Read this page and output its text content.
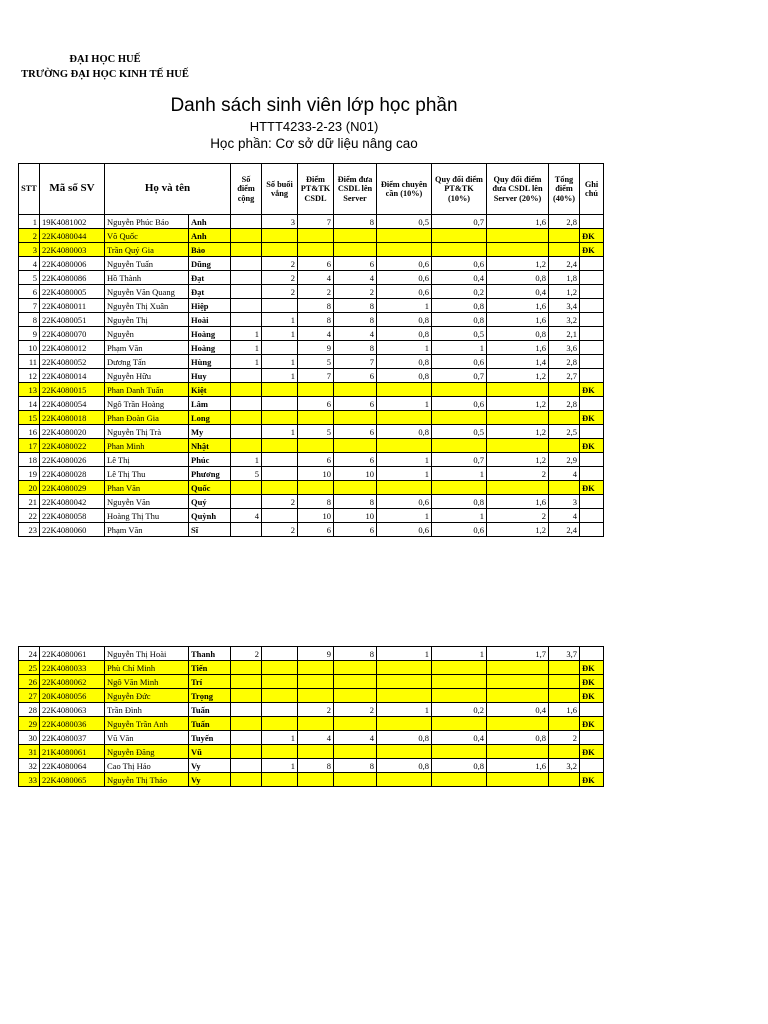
ĐẠI HỌC HUẾ
TRƯỜNG ĐẠI HỌC KINH TẾ HUẾ
Danh sách sinh viên lớp học phần
HTTT4233-2-23 (N01)
Học phần: Cơ sở dữ liệu nâng cao
STT	Mã số SV	Họ và tên		Số điểm cộng	Số buổi vắng	Điểm PT&TK CSDL	Điểm đưa CSDL lên Server	Điểm chuyên cần (10%)	Quy đổi điểm PT&TK (10%)	Quy đổi điểm đưa CSDL lên Server (20%)	Tổng điểm (40%)	Ghi chú
1	19K4081002	Nguyễn Phúc Bảo	Anh		3	7	8	0,5	0,7	1,6	2,8	
2	22K4080044	Võ Quốc	Anh									ĐK
3	22K4080003	Trần Quý Gia	Bảo									ĐK
4	22K4080006	Nguyễn Tuấn	Dũng		2	6	6	0,6	0,6	1,2	2,4	
5	22K4080086	Hồ Thành	Đạt		2	4	4	0,6	0,4	0,8	1,8	
6	22K4080005	Nguyễn Văn Quang	Đạt		2	2	2	0,6	0,2	0,4	1,2	
7	22K4080011	Nguyễn Thị Xuân	Hiệp			8	8	1	0,8	1,6	3,4	
8	22K4080051	Nguyễn Thị	Hoài		1	8	8	0,8	0,8	1,6	3,2	
9	22K4080070	Nguyễn	Hoàng	1	1	4	4	0,8	0,5	0,8	2,1	
10	22K4080012	Phạm Văn	Hoàng	1		9	8	1	1	1,6	3,6	
11	22K4080052	Dương Tấn	Hùng	1	1	5	7	0,8	0,6	1,4	2,8	
12	22K4080014	Nguyễn Hữu	Huy		1	7	6	0,8	0,7	1,2	2,7	
13	22K4080015	Phan Danh Tuấn	Kiệt									ĐK
14	22K4080054	Ngô Trần Hoàng	Lâm			6	6	1	0,6	1,2	2,8	
15	22K4080018	Phan Đoàn Gia	Long									ĐK
16	22K4080020	Nguyễn Thị Trà	My		1	5	6	0,8	0,5	1,2	2,5	
17	22K4080022	Phan Minh	Nhật									ĐK
18	22K4080026	Lê Thị	Phúc	1		6	6	1	0,7	1,2	2,9	
19	22K4080028	Lê Thị Thu	Phương	5		10	10	1	1	2	4	
20	22K4080029	Phan Văn	Quốc									ĐK
21	22K4080042	Nguyễn Văn	Quý		2	8	8	0,6	0,8	1,6	3	
22	22K4080058	Hoàng Thị Thu	Quỳnh	4		10	10	1	1	2	4	
23	22K4080060	Phạm Văn	Sĩ		2	6	6	0,6	0,6	1,2	2,4	
24	22K4080061	Nguyễn Thị Hoài	Thanh	2		9	8	1	1	1,7	3,7	
25	22K4080033	Phù Chí Minh	Tiến									ĐK
26	22K4080062	Ngô Văn Minh	Trí									ĐK
27	20K4080056	Nguyễn Đức	Trọng									ĐK
28	22K4080063	Trần Đình	Tuấn			2	2	1	0,2	0,4	1,6	
29	22K4080036	Nguyễn Trần Anh	Tuấn									ĐK
30	22K4080037	Vũ Văn	Tuyến		1	4	4	0,8	0,4	0,8	2	
31	21K4080061	Nguyễn Đăng	Vũ									ĐK
32	22K4080064	Cao Thị Hảo	Vy		1	8	8	0,8	0,8	1,6	3,2	
33	22K4080065	Nguyễn Thị Thảo	Vy									ĐK
